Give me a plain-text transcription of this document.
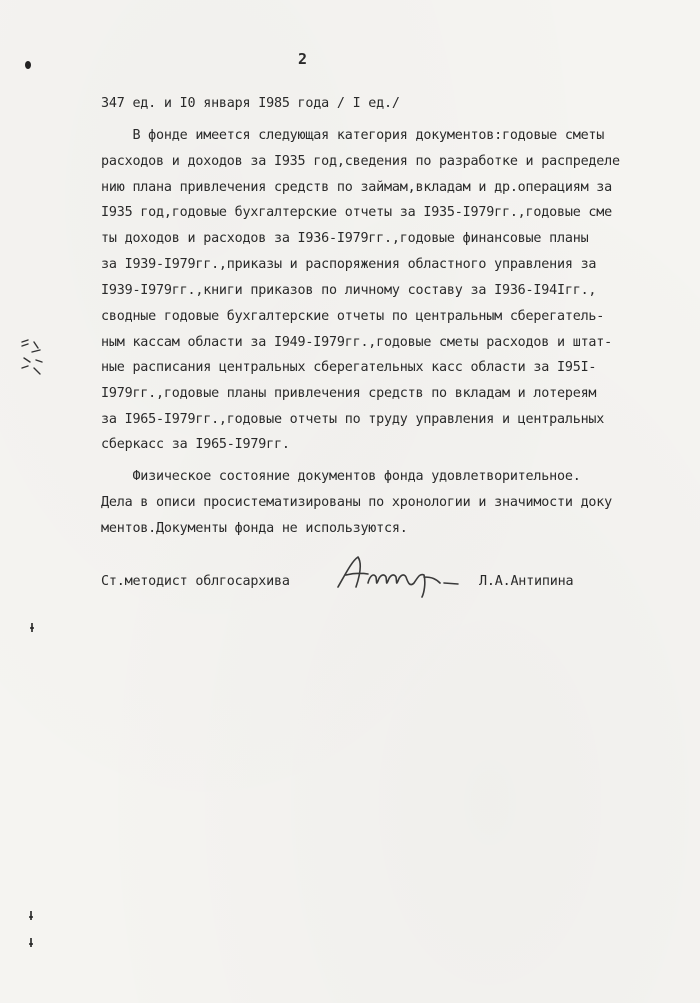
2
347 ед. и I0 января I985 года / I ед./
В фонде имеется следующая категория документов:годовые сметы
расходов и доходов за I935 год,сведения по разработке и распределе
нию плана привлечения средств по займам,вкладам и др.операциям за
I935 год,годовые бухгалтерские отчеты за I935-I979гг.,годовые сме
ты доходов и расходов за I936-I979гг.,годовые финансовые планы
за I939-I979гг.,приказы и распоряжения областного управления за
I939-I979гг.,книги приказов по личному составу за I936-I94Iгг.,
сводные годовые бухгалтерские отчеты по центральным сберегатель-
ным кассам области за I949-I979гг.,годовые сметы расходов и штат-
ные расписания центральных сберегательных касс области за I95I-
I979гг.,годовые планы привлечения средств по вкладам и лотереям
за I965-I979гг.,годовые отчеты по труду управления и центральных
сберкасс за I965-I979гг.
Физическое состояние документов фонда удовлетворительное.
Дела в описи просистематизированы по хронологии и значимости доку
ментов.Документы фонда не используются.
Ст.методист облгосархива	Л.А.Антипина
